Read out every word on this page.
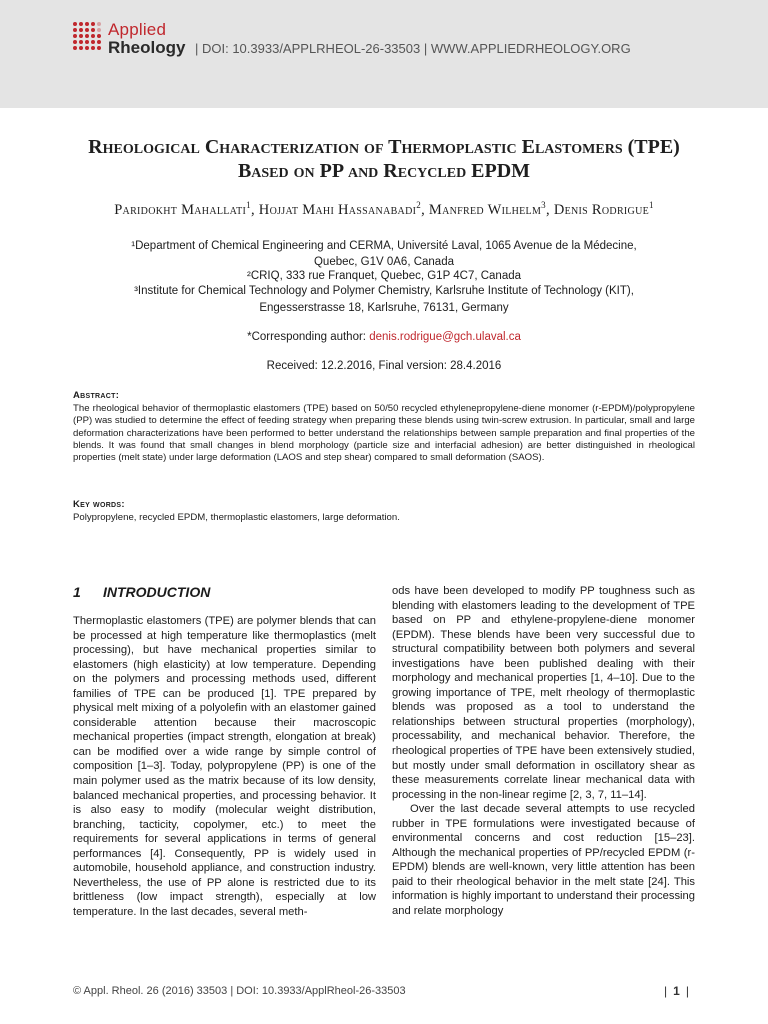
Applied
Rheology | DOI: 10.3933/APPLRHEOL-26-33503 | WWW.APPLIEDRHEOLOGY.ORG
Rheological Characterization of Thermoplastic Elastomers (TPE)
Based on PP and Recycled EPDM
Paridokht Mahallati$^1$, Hojjat Mahi Hassanabadi$^2$, Manfred Wilhelm$^3$, Denis Rodrigue$^1$
¹Department of Chemical Engineering and CERMA, Université Laval, 1065 Avenue de la Médecine,
Quebec, G1V 0A6, Canada
²CRIQ, 333 rue Franquet, Quebec, G1P 4C7, Canada
³Institute for Chemical Technology and Polymer Chemistry, Karlsruhe Institute of Technology (KIT),
Engesserstrasse 18, Karlsruhe, 76131, Germany
*Corresponding author: denis.rodrigue@gch.ulaval.ca
Received: 12.2.2016, Final version: 28.4.2016
Abstract:
The rheological behavior of thermoplastic elastomers (TPE) based on 50/50 recycled ethylenepropylene-diene monomer (r-EPDM)/polypropylene (PP) was studied to determine the effect of feeding strategy when preparing these blends using twin-screw extrusion. In particular, small and large deformation characterizations have been performed to better understand the relationships between sample preparation and final properties of the blends. It was found that small changes in blend morphology (particle size and interfacial adhesion) are better distinguished in rheological properties (melt state) under large deformation (LAOS and step shear) compared to small deformation (SAOS).
Key words:
Polypropylene, recycled EPDM, thermoplastic elastomers, large deformation.
1 INTRODUCTION

Thermoplastic elastomers (TPE) are polymer blends that can be processed at high temperature like thermoplastics (melt processing), but have mechanical properties similar to elastomers (high elasticity) at low temperature. Depending on the polymers and processing methods used, different families of TPE can be produced [1]. TPE prepared by physical melt mixing of a polyolefin with an elastomer gained considerable attention because their macroscopic mechanical properties (impact strength, elongation at break) can be modified over a wide range by simple control of composition [1–3]. Today, polypropylene (PP) is one of the main polymer used as the matrix because of its low density, balanced mechanical properties, and processing behavior. It is also easy to modify (molecular weight distribution, branching, tacticity, copolymer, etc.) to meet the requirements for several applications in terms of general performances [4]. Consequently, PP is widely used in automobile, household appliance, and construction industry. Nevertheless, the use of PP alone is restricted due to its brittleness (low impact strength), especially at low temperature. In the last decades, several meth-

ods have been developed to modify PP toughness such as blending with elastomers leading to the development of TPE based on PP and ethylene-propylene-diene monomer (EPDM). These blends have been very successful due to structural compatibility between both polymers and several investigations have been published dealing with their morphology and mechanical properties [1, 4–10]. Due to the growing importance of TPE, melt rheology of thermoplastic blends was proposed as a tool to understand the relationships between structural properties (morphology), processability, and mechanical behavior. Therefore, the rheological properties of TPE have been extensively studied, but mostly under small deformation in oscillatory shear as these measurements correlate linear mechanical data with processing in the non-linear regime [2, 3, 7, 11–14].

Over the last decade several attempts to use recycled rubber in TPE formulations were investigated because of environmental concerns and cost reduction [15–23]. Although the mechanical properties of PP/recycled EPDM (r-EPDM) blends are well-known, very little attention has been paid to their rheological behavior in the melt state [24]. This information is highly important to understand their processing and relate morphology

© Appl. Rheol. 26 (2016) 33503 | DOI: 10.3933/ApplRheol-26-33503	| 1 |
